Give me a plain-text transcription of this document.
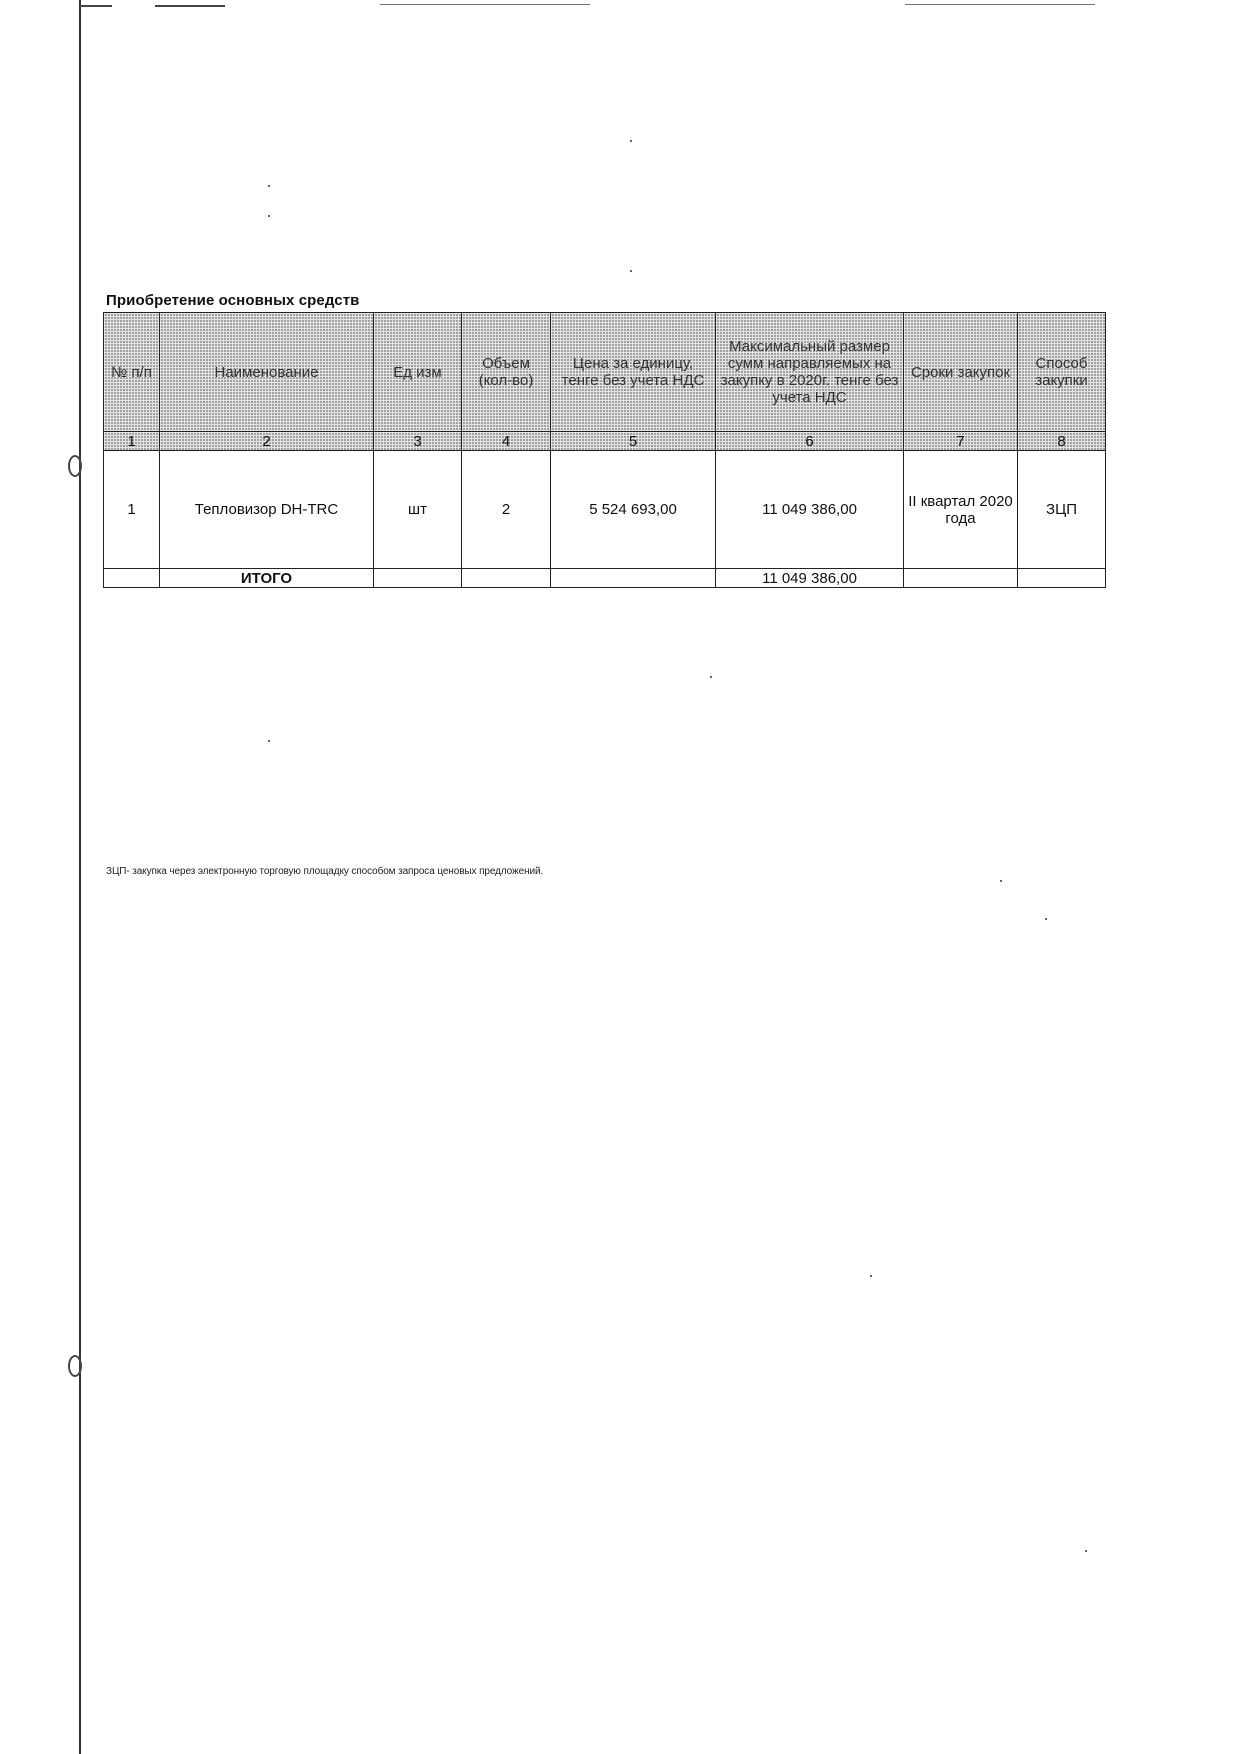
Приобретение основных средств
№ п/п	Наименование	Ед изм	Объем (кол-во)	Цена за единицу, тенге без учета НДС	Максимальный размер сумм направляемых на закупку в 2020г. тенге без учета НДС	Сроки закупок	Способ закупки
1	2	3	4	5	6	7	8
1	Тепловизор DH-TRC	шт	2	5 524 693,00	11 049 386,00	II квартал 2020 года	ЗЦП
	ИТОГО				11 049 386,00		
ЗЦП- закупка через электронную торговую площадку способом запроса ценовых предложений.
